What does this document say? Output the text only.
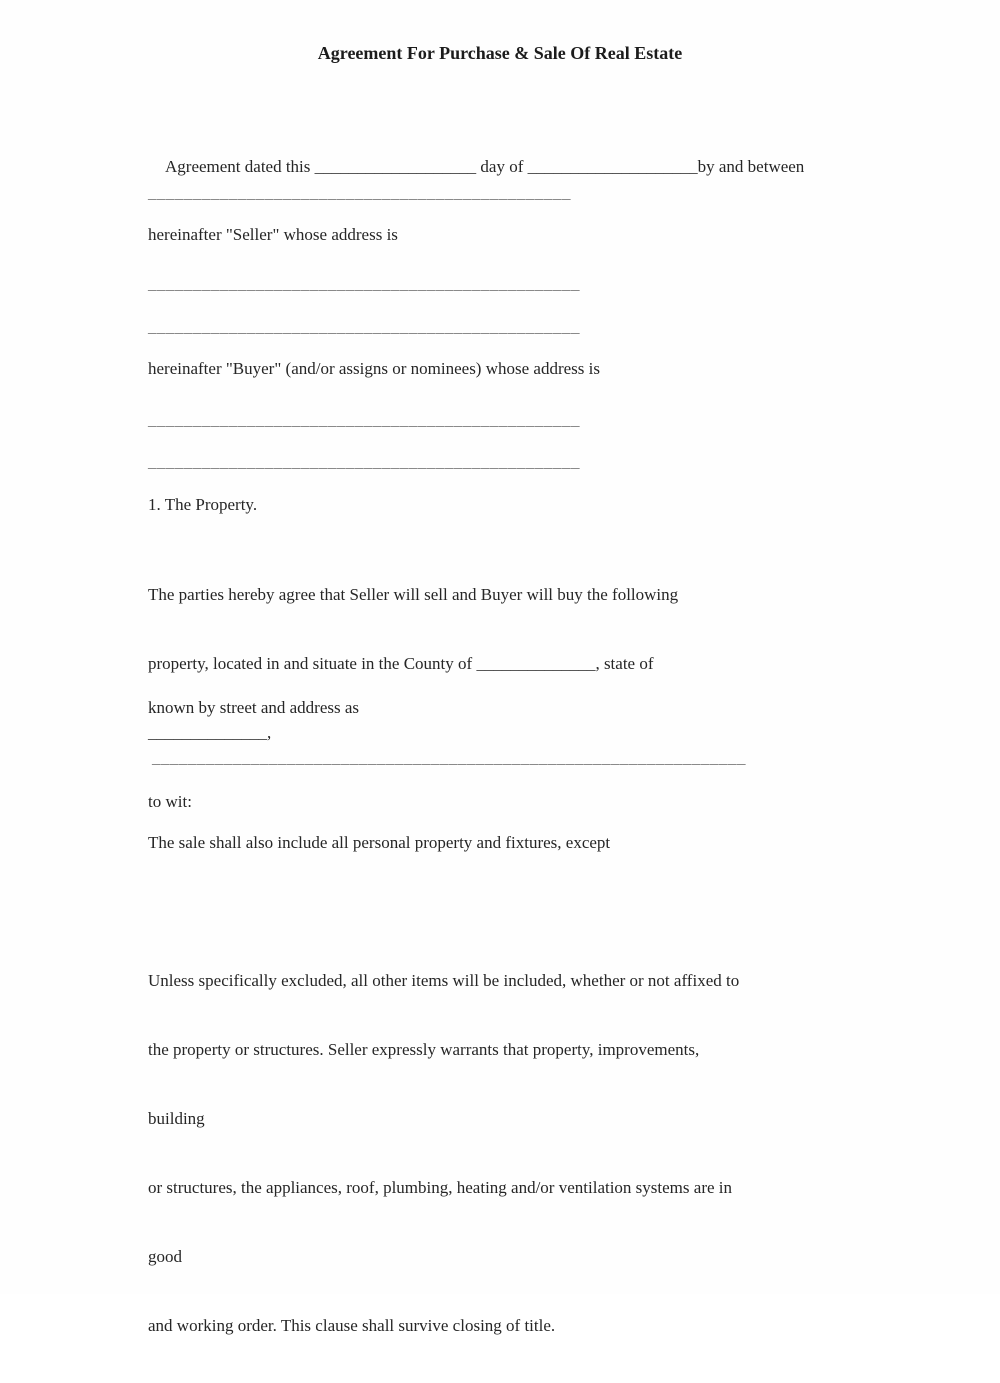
Agreement For Purchase & Sale Of Real Estate

Agreement dated this ___________________ day of ____________________by and between

_______________________________________________
hereinafter "Seller" whose address is
________________________________________________
________________________________________________
hereinafter "Buyer" (and/or assigns or nominees) whose address is
________________________________________________
________________________________________________
1. The Property.

The parties hereby agree that Seller will sell and Buyer will buy the following

property, located in and situate in the County of ______________, state of

______________,

to wit:

known by street and address as
__________________________________________________________________
The sale shall also include all personal property and fixtures, except

Unless specifically excluded, all other items will be included, whether or not affixed to

the property or structures. Seller expressly warrants that property, improvements,

building

or structures, the appliances, roof, plumbing, heating and/or ventilation systems are in

good

and working order. This clause shall survive closing of title.
